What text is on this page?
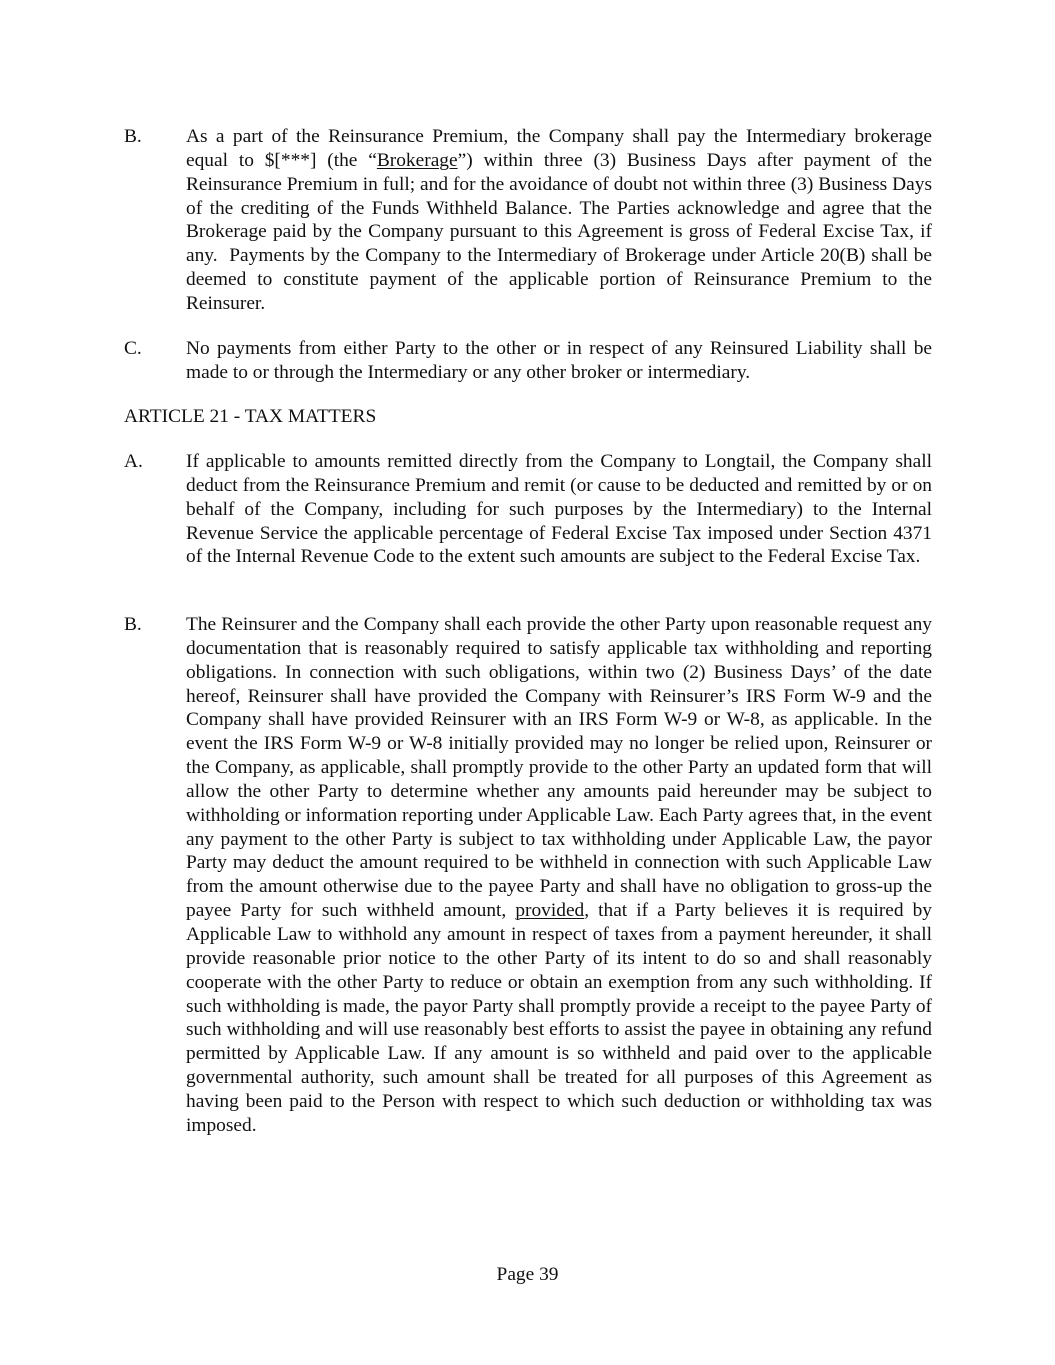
B. As a part of the Reinsurance Premium, the Company shall pay the Intermediary brokerage equal to $[***] (the “Brokerage”) within three (3) Business Days after payment of the Reinsurance Premium in full; and for the avoidance of doubt not within three (3) Business Days of the crediting of the Funds Withheld Balance. The Parties acknowledge and agree that the Brokerage paid by the Company pursuant to this Agreement is gross of Federal Excise Tax, if any.  Payments by the Company to the Intermediary of Brokerage under Article 20(B) shall be deemed to constitute payment of the applicable portion of Reinsurance Premium to the Reinsurer.
C. No payments from either Party to the other or in respect of any Reinsured Liability shall be made to or through the Intermediary or any other broker or intermediary.
ARTICLE 21 - TAX MATTERS
A. If applicable to amounts remitted directly from the Company to Longtail, the Company shall deduct from the Reinsurance Premium and remit (or cause to be deducted and remitted by or on behalf of the Company, including for such purposes by the Intermediary) to the Internal Revenue Service the applicable percentage of Federal Excise Tax imposed under Section 4371 of the Internal Revenue Code to the extent such amounts are subject to the Federal Excise Tax.
B. The Reinsurer and the Company shall each provide the other Party upon reasonable request any documentation that is reasonably required to satisfy applicable tax withholding and reporting obligations. In connection with such obligations, within two (2) Business Days’ of the date hereof, Reinsurer shall have provided the Company with Reinsurer’s IRS Form W-9 and the Company shall have provided Reinsurer with an IRS Form W-9 or W-8, as applicable. In the event the IRS Form W-9 or W-8 initially provided may no longer be relied upon, Reinsurer or the Company, as applicable, shall promptly provide to the other Party an updated form that will allow the other Party to determine whether any amounts paid hereunder may be subject to withholding or information reporting under Applicable Law. Each Party agrees that, in the event any payment to the other Party is subject to tax withholding under Applicable Law, the payor Party may deduct the amount required to be withheld in connection with such Applicable Law from the amount otherwise due to the payee Party and shall have no obligation to gross-up the payee Party for such withheld amount, provided, that if a Party believes it is required by Applicable Law to withhold any amount in respect of taxes from a payment hereunder, it shall provide reasonable prior notice to the other Party of its intent to do so and shall reasonably cooperate with the other Party to reduce or obtain an exemption from any such withholding. If such withholding is made, the payor Party shall promptly provide a receipt to the payee Party of such withholding and will use reasonably best efforts to assist the payee in obtaining any refund permitted by Applicable Law. If any amount is so withheld and paid over to the applicable governmental authority, such amount shall be treated for all purposes of this Agreement as having been paid to the Person with respect to which such deduction or withholding tax was imposed.
Page 39
